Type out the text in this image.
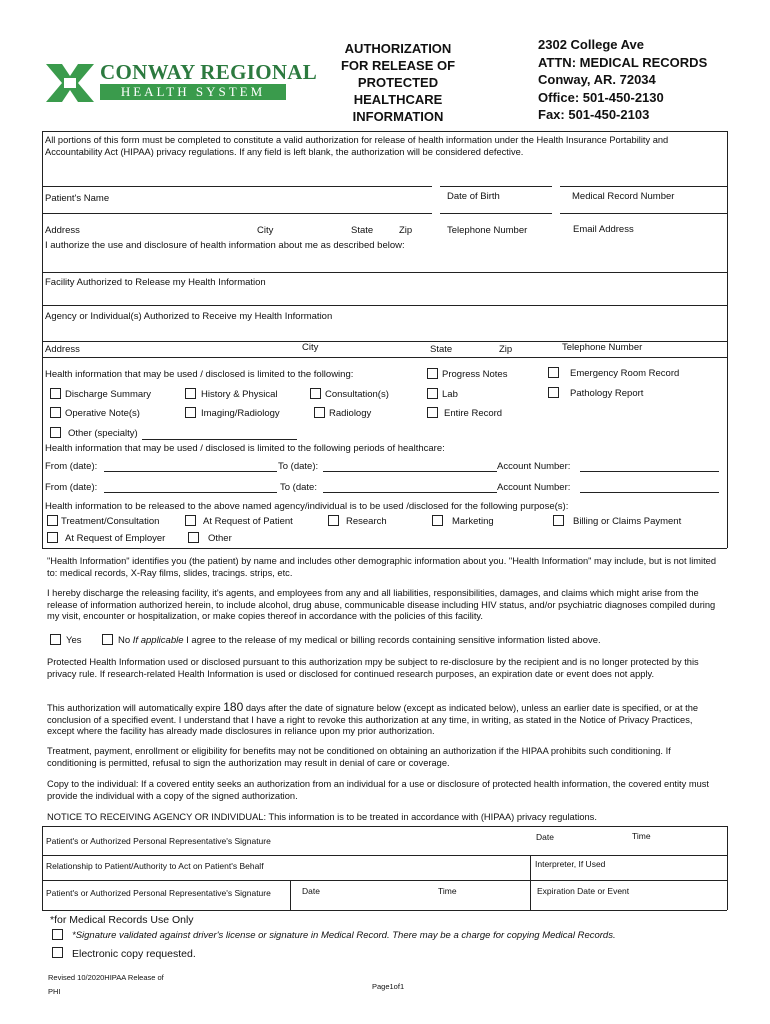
CONWAY REGIONAL
HEALTH SYSTEM
AUTHORIZATION
FOR RELEASE OF
PROTECTED
HEALTHCARE
INFORMATION
2302 College Ave
ATTN: MEDICAL RECORDS
Conway, AR. 72034
Office: 501-450-2130
Fax: 501-450-2103
All portions of this form must be completed to constitute a valid authorization for release of health information under the Health Insurance Portability and Accountability Act (HIPAA) privacy regulations. If any field is left blank, the authorization will be considered defective.
Patient's Name	Date of Birth	Medical Record Number
Address	City	State	Zip	Telephone Number	Email Address
I authorize the use and disclosure of health information about me as described below:
Facility Authorized to Release my Health Information
Agency or Individual(s) Authorized to Receive my Health Information
Address	City	State	Zip	Telephone Number
Health information that may be used / disclosed is limited to the following:	Progress Notes	Emergency Room Record
Discharge Summary	History & Physical	Consultation(s)	Lab	Pathology Report
Operative Note(s)	Imaging/Radiology	Radiology	Entire Record
Other (specialty)
Health information that may be used / disclosed is limited to the following periods of healthcare:
From (date):	To (date):	Account Number:
From (date):	To (date:	Account Number:
Health information to be released to the above named agency/individual is to be used /disclosed for the following purpose(s):
Treatment/Consultation	At Request of Patient	Research	Marketing	Billing or Claims Payment
At Request of Employer	Other
"Health Information" identifies you (the patient) by name and includes other demographic information about you. "Health Information" may include, but is not limited to: medical records, X-Ray films, slides, tracings. strips, etc.
I hereby discharge the releasing facility, it's agents, and employees from any and all liabilities, responsibilities, damages, and claims which might arise from the release of information authorized herein, to include alcohol, drug abuse, communicable disease including HIV status, and/or psychiatric diagnoses compiled during my visit, encounter or hospitalization, or make copies thereof in accordance with the policies of this facility.
Yes	No If applicable I agree to the release of my medical or billing records containing sensitive information listed above.
Protected Health Information used or disclosed pursuant to this authorization mpy be subject to re-disclosure by the recipient and is no longer protected by this privacy rule. If research-related Health Information is used or disclosed for continued research purposes, an expiration date or event does not apply.
This authorization will automatically expire 180 days after the date of signature below (except as indicated below), unless an earlier date is specified, or at the conclusion of a specified event. I understand that I have a right to revoke this authorization at any time, in writing, as stated in the Notice of Privacy Practices, except where the facility has already made disclosures in reliance upon my prior authorization.
Treatment, payment, enrollment or eligibility for benefits may not be conditioned on obtaining an authorization if the HIPAA prohibits such conditioning. If conditioning is permitted, refusal to sign the authorization may result in denial of care or coverage.
Copy to the individual: If a covered entity seeks an authorization from an individual for a use or disclosure of protected health information, the covered entity must provide the individual with a copy of the signed authorization.
NOTICE TO RECEIVING AGENCY OR INDIVIDUAL: This information is to be treated in accordance with (HIPAA) privacy regulations.
Patient's or Authorized Personal Representative's Signature	Date	Time
Relationship to Patient/Authority to Act on Patient's Behalf	Interpreter, If Used
Patient's or Authorized Personal Representative's Signature	Date	Time	Expiration Date or Event
*for Medical Records Use Only
*Signature validated against driver's license or signature in Medical Record. There may be a charge for copying Medical Records.
Electronic copy requested.
Revised 10/2020HIPAA Release of
PHI
Page1of1
